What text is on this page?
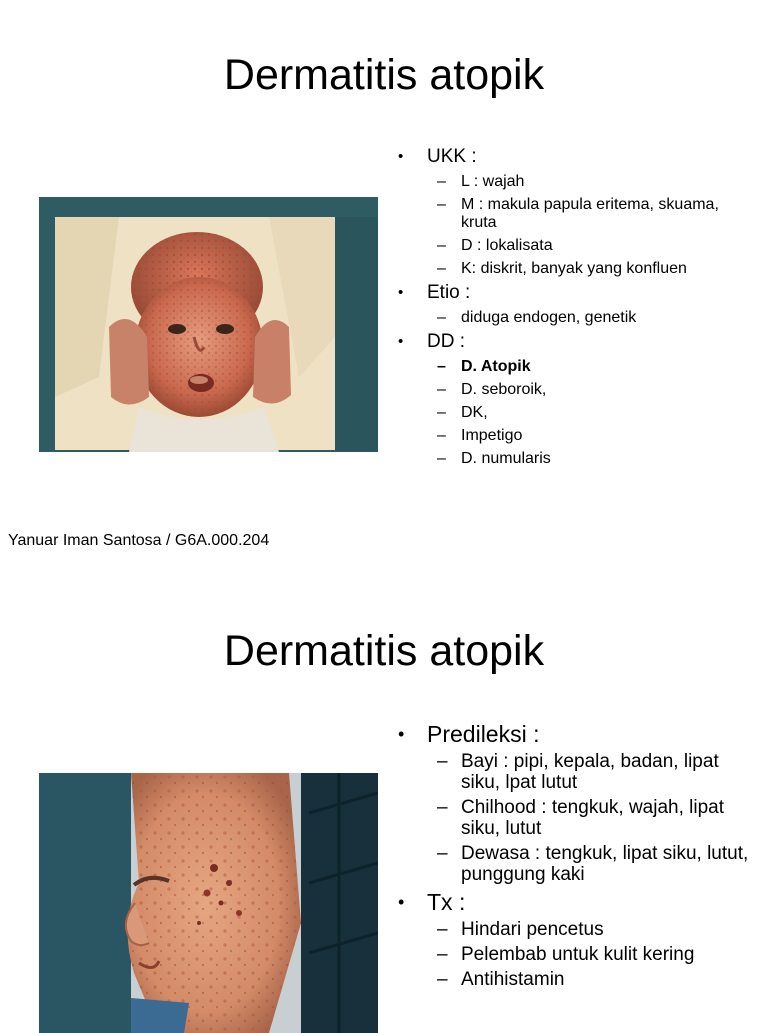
Dermatitis atopik
• UKK :
– L : wajah
– M : makula papula eritema, skuama, kruta
– D : lokalisata
– K: diskrit, banyak yang konfluen
• Etio :
– diduga endogen, genetik
• DD :
– D. Atopik
– D. seboroik,
– DK,
– Impetigo
– D. numularis
Yanuar Iman Santosa / G6A.000.204
Dermatitis atopik
• Predileksi :
– Bayi : pipi, kepala, badan, lipat siku, lpat lutut
– Chilhood : tengkuk, wajah, lipat siku, lutut
– Dewasa : tengkuk, lipat siku, lutut, punggung kaki
• Tx :
– Hindari pencetus
– Pelembab untuk kulit kering
– Antihistamin
